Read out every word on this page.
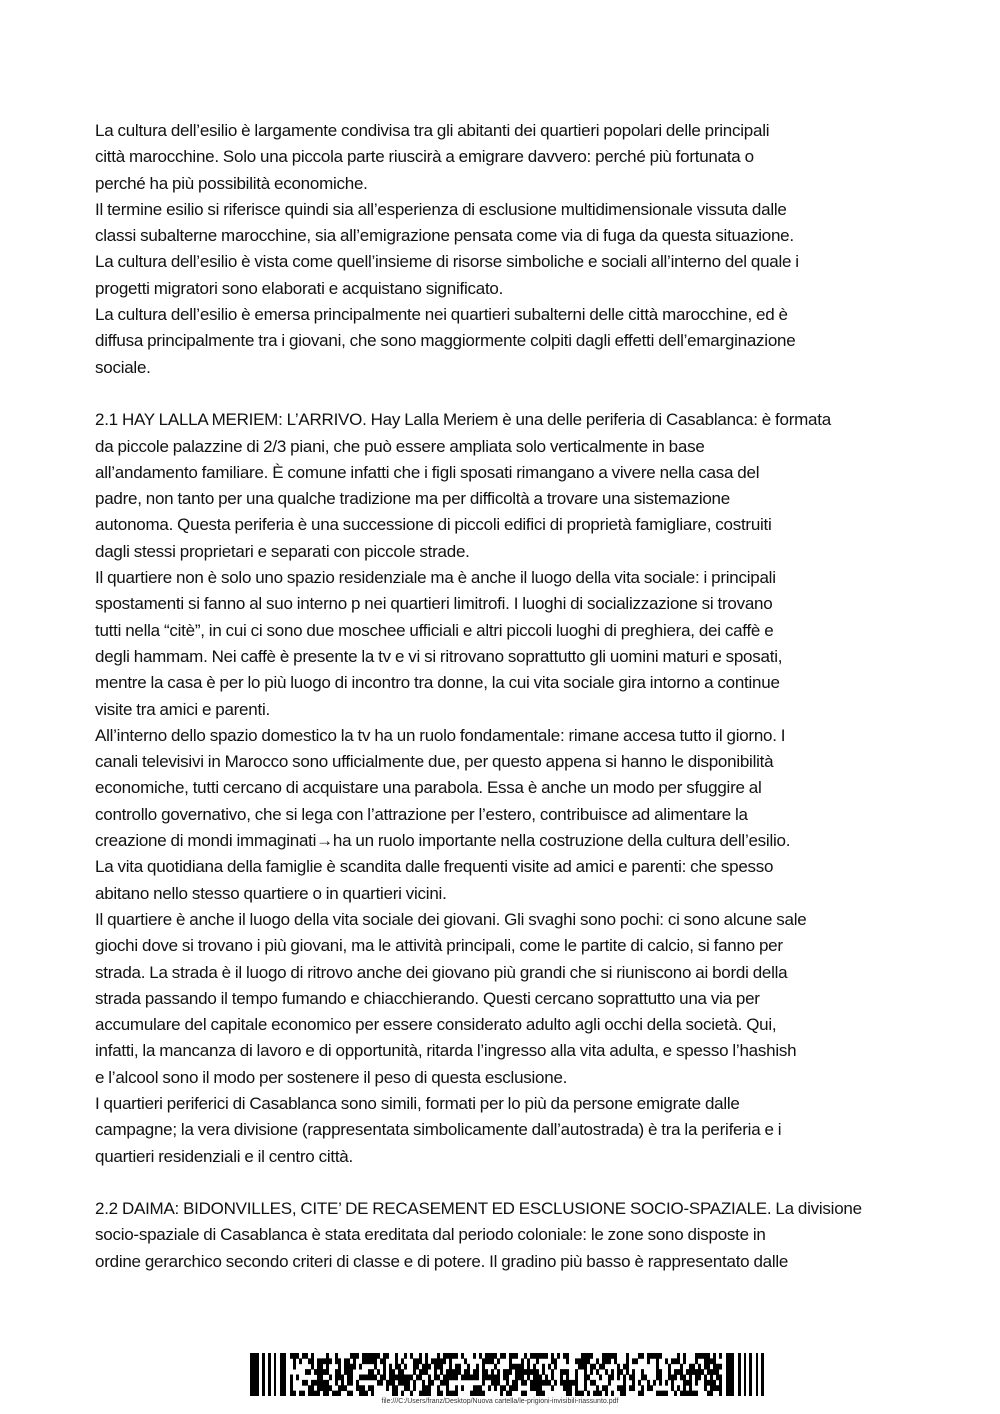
La cultura dell’esilio è largamente condivisa tra gli abitanti dei quartieri popolari delle principali
città marocchine. Solo una piccola parte riuscirà a emigrare davvero: perché più fortunata o
perché ha più possibilità economiche.
Il termine esilio si riferisce quindi sia all’esperienza di esclusione multidimensionale vissuta dalle
classi subalterne marocchine, sia all’emigrazione pensata come via di fuga da questa situazione.
La cultura dell’esilio è vista come quell’insieme di risorse simboliche e sociali all’interno del quale i
progetti migratori sono elaborati e acquistano significato.
La cultura dell’esilio è emersa principalmente nei quartieri subalterni delle città marocchine, ed è
diffusa principalmente tra i giovani, che sono maggiormente colpiti dagli effetti dell’emarginazione
sociale.
2.1 HAY LALLA MERIEM: L’ARRIVO. Hay Lalla Meriem è una delle periferia di Casablanca: è formata
da piccole palazzine di 2/3 piani, che può essere ampliata solo verticalmente in base
all’andamento familiare. È comune infatti che i figli sposati rimangano a vivere nella casa del
padre, non tanto per una qualche tradizione ma per difficoltà a trovare una sistemazione
autonoma. Questa periferia è una successione di piccoli edifici di proprietà famigliare, costruiti
dagli stessi proprietari e separati con piccole strade.
Il quartiere non è solo uno spazio residenziale ma è anche il luogo della vita sociale: i principali
spostamenti si fanno al suo interno p nei quartieri limitrofi. I luoghi di socializzazione si trovano
tutti nella “citè”, in cui ci sono due moschee ufficiali e altri piccoli luoghi di preghiera, dei caffè e
degli hammam. Nei caffè è presente la tv e vi si ritrovano soprattutto gli uomini maturi e sposati,
mentre la casa è per lo più luogo di incontro tra donne, la cui vita sociale gira intorno a continue
visite tra amici e parenti.
All’interno dello spazio domestico la tv ha un ruolo fondamentale: rimane accesa tutto il giorno. I
canali televisivi in Marocco sono ufficialmente due, per questo appena si hanno le disponibilità
economiche, tutti cercano di acquistare una parabola. Essa è anche un modo per sfuggire al
controllo governativo, che si lega con l’attrazione per l’estero, contribuisce ad alimentare la
creazione di mondi immaginati→ha un ruolo importante nella costruzione della cultura dell’esilio.
La vita quotidiana della famiglie è scandita dalle frequenti visite ad amici e parenti: che spesso
abitano nello stesso quartiere o in quartieri vicini.
Il quartiere è anche il luogo della vita sociale dei giovani. Gli svaghi sono pochi: ci sono alcune sale
giochi dove si trovano i più giovani, ma le attività principali, come le partite di calcio, si fanno per
strada. La strada è il luogo di ritrovo anche dei giovano più grandi che si riuniscono ai bordi della
strada passando il tempo fumando e chiacchierando. Questi cercano soprattutto una via per
accumulare del capitale economico per essere considerato adulto agli occhi della società. Qui,
infatti, la mancanza di lavoro e di opportunità, ritarda l’ingresso alla vita adulta, e spesso l’hashish
e l’alcool sono il modo per sostenere il peso di questa esclusione.
I quartieri periferici di Casablanca sono simili, formati per lo più da persone emigrate dalle
campagne; la vera divisione (rappresentata simbolicamente dall’autostrada) è tra la periferia e i
quartieri residenziali e il centro città.
2.2 DAIMA: BIDONVILLES, CITE’ DE RECASEMENT ED ESCLUSIONE SOCIO-SPAZIALE. La divisione
socio-spaziale di Casablanca è stata ereditata dal periodo coloniale: le zone sono disposte in
ordine gerarchico secondo criteri di classe e di potere. Il gradino più basso è rappresentato dalle
file:///C:/Users/franz/Desktop/Nuova cartella/le-prigioni-invisibili-riassunto.pdf
